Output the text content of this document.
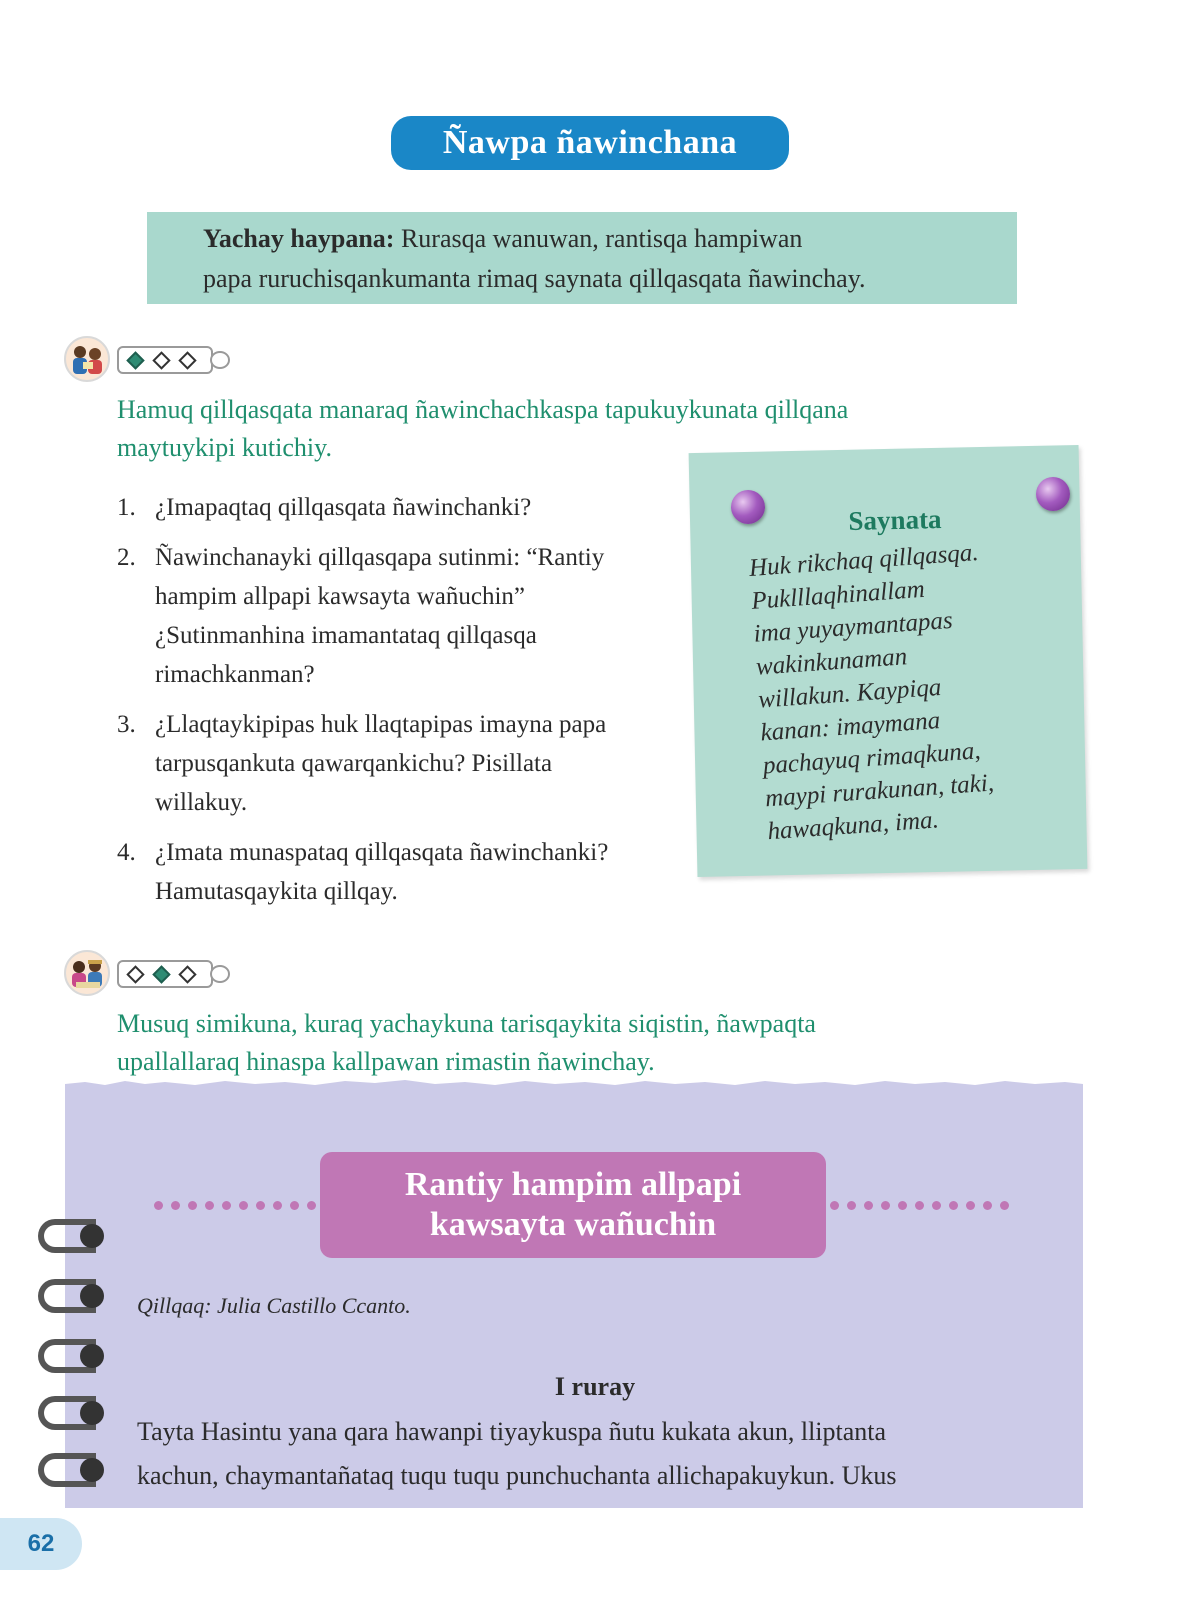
Ñawpa ñawinchana
Yachay haypana: Rurasqa wanuwan, rantisqa hampiwan
papa ruruchisqankumanta rimaq saynata qillqasqata ñawinchay.
Hamuq qillqasqata manaraq ñawinchachkaspa tapukuykunata qillqana
maytuykipi kutichiy.
1. ¿Imapaqtaq qillqasqata ñawinchanki?
2. Ñawinchanayki qillqasqapa sutinmi: “Rantiy
hampim allpapi kawsayta wañuchin”
¿Sutinmanhina imamantataq qillqasqa
rimachkanman?
3. ¿Llaqtaykipipas huk llaqtapipas imayna papa
tarpusqankuta qawarqankichu? Pisillata
willakuy.
4. ¿Imata munaspataq qillqasqata ñawinchanki?
Hamutasqaykita qillqay.
Saynata
Huk rikchaq qillqasqa.
Puklllaqhinallam
ima yuyaymantapas
wakinkunaman
willakun. Kaypiqa
kanan: imaymana
pachayuq rimaqkuna,
maypi rurakunan, taki,
hawaqkuna, ima.
Musuq simikuna, kuraq yachaykuna tarisqaykita siqistin, ñawpaqta
upallallaraq hinaspa kallpawan rimastin ñawinchay.
Rantiy hampim allpapi
kawsayta wañuchin
Qillqaq: Julia Castillo Ccanto.
I ruray
Tayta Hasintu yana qara hawanpi tiyaykuspa ñutu kukata akun, lliptanta
kachun, chaymantañataq tuqu tuqu punchuchanta allichapakuykun. Ukus
62
